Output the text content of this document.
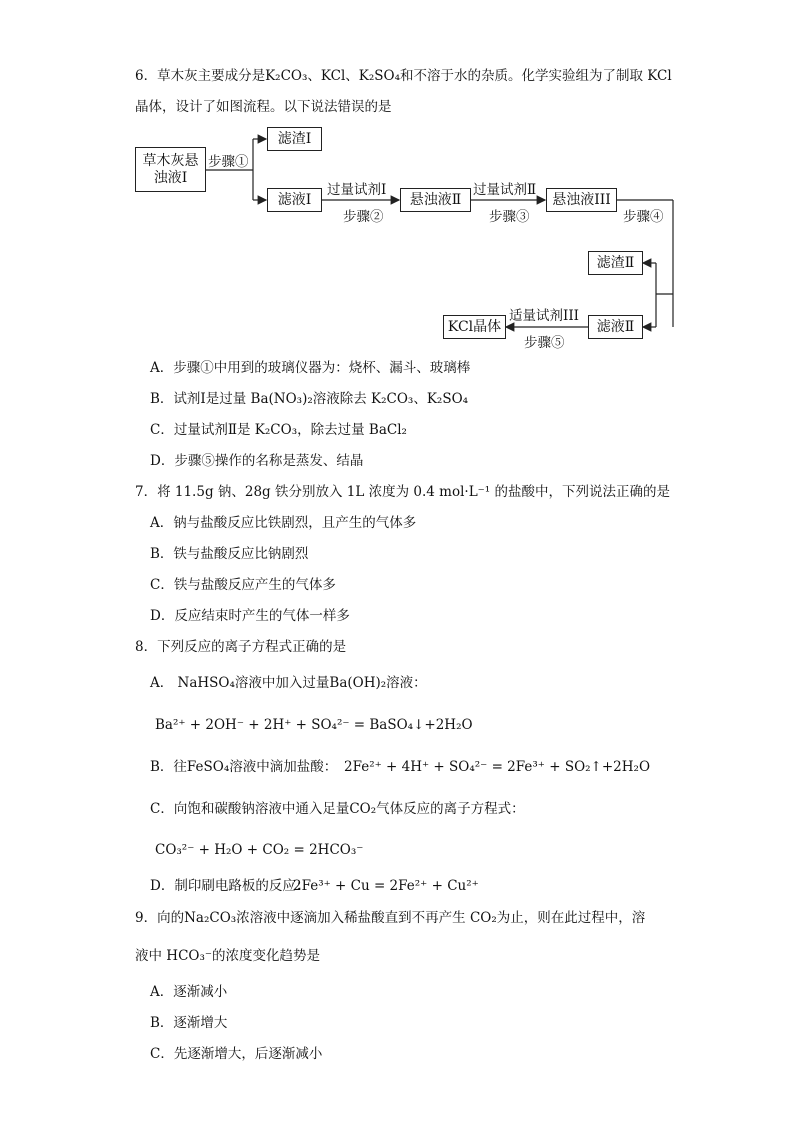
6．草木灰主要成分是K₂CO₃、KCl、K₂SO₄和不溶于水的杂质。化学实验组为了制取 KCl
晶体，设计了如图流程。以下说法错误的是
草木灰悬浊液Ⅰ
滤渣Ⅰ
滤液Ⅰ	悬浊液Ⅱ	悬浊液III
滤渣Ⅱ
滤液Ⅱ
KCl晶体
步骤①
过量试剂Ⅰ
步骤②
过量试剂Ⅱ
步骤③	步骤④
适量试剂III
步骤⑤
A．步骤①中用到的玻璃仪器为：烧杯、漏斗、玻璃棒
B．试剂Ⅰ是过量 Ba(NO₃)₂溶液除去 K₂CO₃、K₂SO₄
C．过量试剂Ⅱ是 K₂CO₃，除去过量 BaCl₂
D．步骤⑤操作的名称是蒸发、结晶
7．将 11.5g 钠、28g 铁分别放入 1L 浓度为 0.4 mol·L⁻¹ 的盐酸中，下列说法正确的是
A．钠与盐酸反应比铁剧烈，且产生的气体多
B．铁与盐酸反应比钠剧烈
C．铁与盐酸反应产生的气体多
D．反应结束时产生的气体一样多
8．下列反应的离子方程式正确的是
A． NaHSO₄溶液中加入过量Ba(OH)₂溶液：
Ba²⁺ + 2OH⁻ + 2H⁺ + SO₄²⁻ = BaSO₄↓+2H₂O
B．往FeSO₄溶液中滴加盐酸： 2Fe²⁺ + 4H⁺ + SO₄²⁻ = 2Fe³⁺ + SO₂↑+2H₂O
C．向饱和碳酸钠溶液中通入足量CO₂气体反应的离子方程式：
CO₃²⁻ + H₂O + CO₂ = 2HCO₃⁻
D．制印刷电路板的反应：
2Fe³⁺ + Cu = 2Fe²⁺ + Cu²⁺
9．向的Na₂CO₃浓溶液中逐滴加入稀盐酸直到不再产生 CO₂为止，则在此过程中，溶
液中 HCO₃⁻的浓度变化趋势是
A．逐渐减小
B．逐渐增大
C．先逐渐增大，后逐渐减小
